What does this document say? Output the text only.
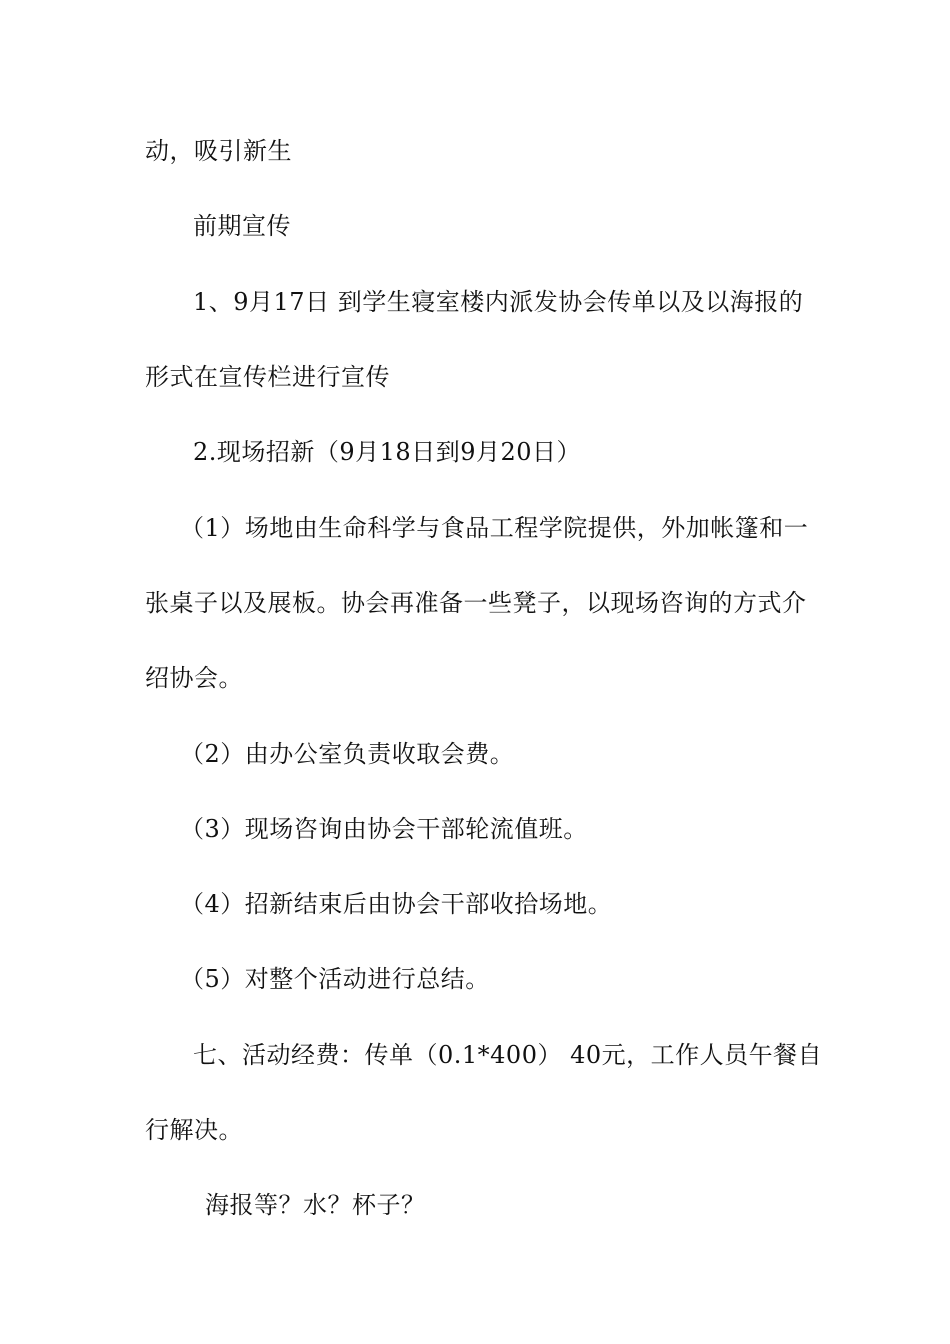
动，吸引新生
前期宣传
1、9月17日 到学生寝室楼内派发协会传单以及以海报的
形式在宣传栏进行宣传
2.现场招新（9月18日到9月20日）
（1）场地由生命科学与食品工程学院提供，外加帐篷和一
张桌子以及展板。协会再准备一些凳子，以现场咨询的方式介
绍协会。
（2）由办公室负责收取会费。
（3）现场咨询由协会干部轮流值班。
（4）招新结束后由协会干部收拾场地。
（5）对整个活动进行总结。
七、活动经费：传单（0.1*400） 40元，工作人员午餐自
行解决。
海报等？水？杯子？
